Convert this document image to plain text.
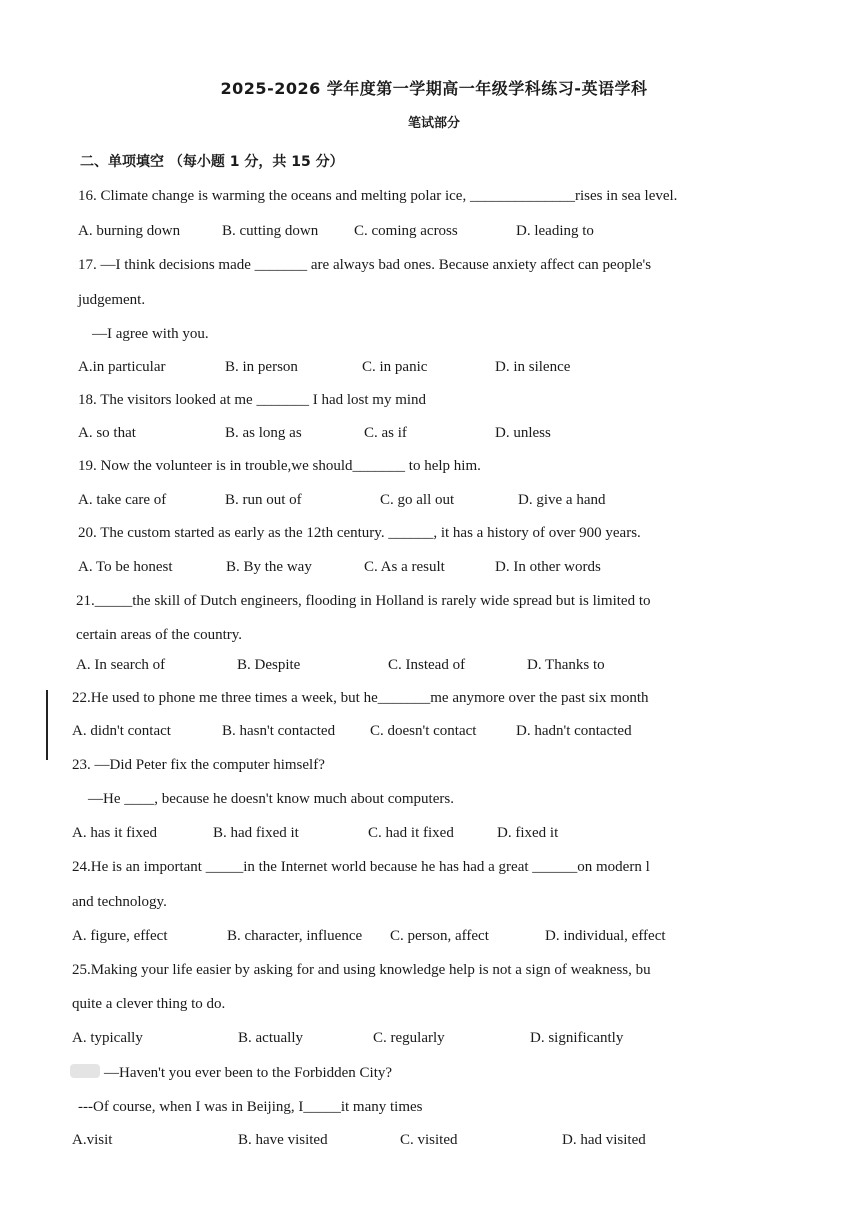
2025-2026 学年度第一学期高一年级学科练习-英语学科
笔试部分
二、单项填空 （每小题 1 分，共 15 分）
16. Climate change is warming the oceans and melting polar ice, ______________rises in sea level.
A. burning down	B. cutting down C. coming across	D. leading to
17. —I think decisions made _______ are always bad ones. Because anxiety affect can people's
judgement.
—I agree with you.
A.in particular	B. in person	C. in panic	D. in silence
18. The visitors looked at me _______ I had lost my mind
A. so that	B. as long as	C. as if	D. unless
19. Now the volunteer is in trouble,we should_______ to help him.
A. take care of	B. run out of	C. go all out	D. give a hand
20. The custom started as early as the 12th century. ______, it has a history of over 900 years.
A. To be honest	B. By the way	C. As a result	D. In other words
21._____the skill of Dutch engineers, flooding in Holland is rarely wide spread but is limited to
certain areas of the country.
A. In search of	B. Despite	C. Instead of	D. Thanks to
22.He used to phone me three times a week, but he_______me anymore over the past six month
A. didn't contact	B. hasn't contacted C. doesn't contact	D. hadn't contacted
23. —Did Peter fix the computer himself?
—He ____, because he doesn't know much about computers.
A. has it fixed	B. had fixed it	C. had it fixed	D. fixed it
24.He is an important _____in the Internet world because he has had a great ______on modern l
and technology.
A. figure, effect	B. character, influence C. person, affect	D. individual, effect
25.Making your life easier by asking for and using knowledge help is not a sign of weakness, bu
quite a clever thing to do.
A. typically	B. actually	C. regularly	D. significantly
—Haven't you ever been to the Forbidden City?
---Of course, when I was in Beijing, I_____it many times
A.visit	B. have visited	C. visited	D. had visited
